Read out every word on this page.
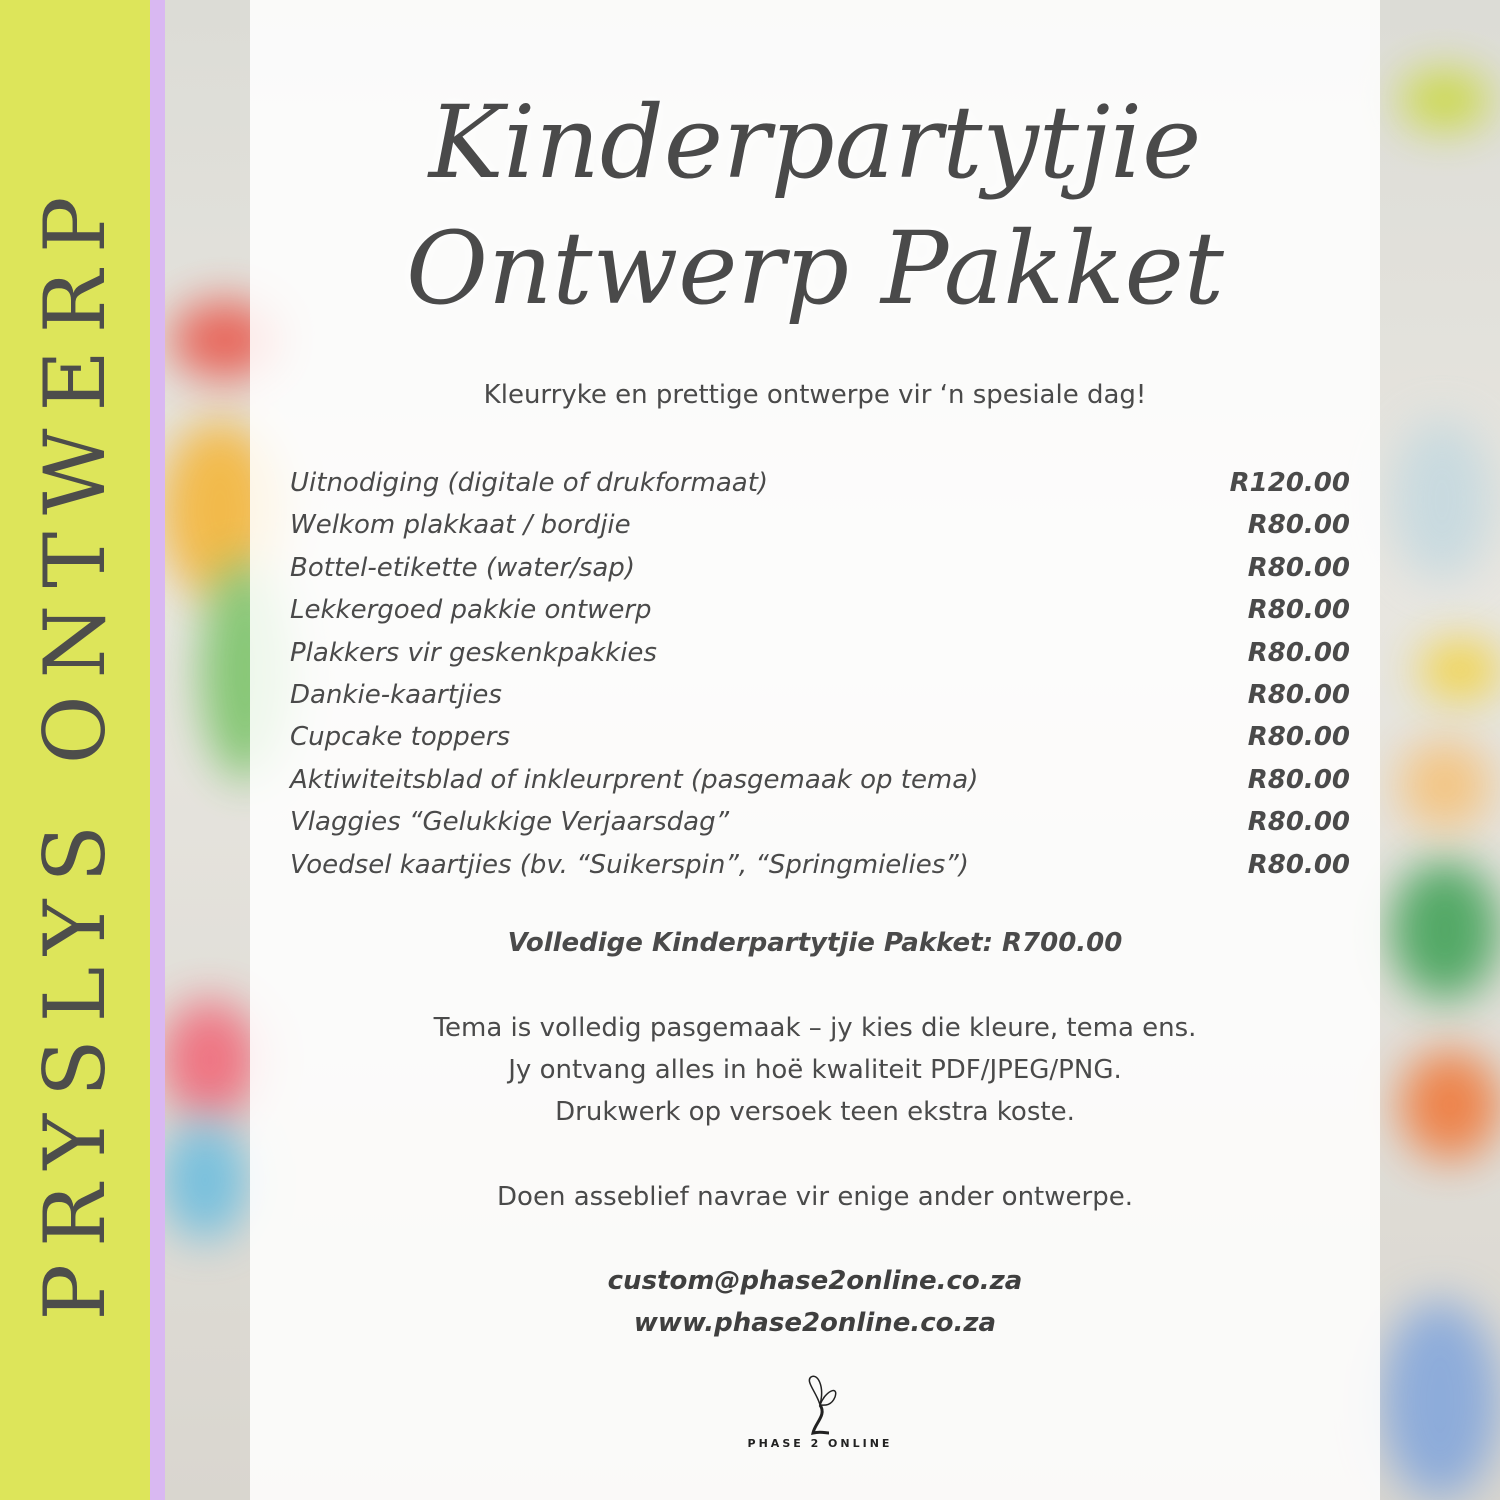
PRYSLYS ONTWERP
Kinderpartytjie
Ontwerp Pakket
Kleurryke en prettige ontwerpe vir ‘n spesiale dag!
Uitnodiging (digitale of drukformaat)	R120.00
Welkom plakkaat / bordjie	R80.00
Bottel-etikette (water/sap)	R80.00
Lekkergoed pakkie ontwerp	R80.00
Plakkers vir geskenkpakkies	R80.00
Dankie-kaartjies	R80.00
Cupcake toppers	R80.00
Aktiwiteitsblad of inkleurprent (pasgemaak op tema)	R80.00
Vlaggies “Gelukkige Verjaarsdag”	R80.00
Voedsel kaartjies (bv. “Suikerspin”, “Springmielies”)	R80.00
Volledige Kinderpartytjie Pakket: R700.00
Tema is volledig pasgemaak – jy kies die kleure, tema ens.
Jy ontvang alles in hoë kwaliteit PDF/JPEG/PNG.
Drukwerk op versoek teen ekstra koste.
Doen asseblief navrae vir enige ander ontwerpe.
custom@phase2online.co.za
www.phase2online.co.za
PHASE 2 ONLINE
